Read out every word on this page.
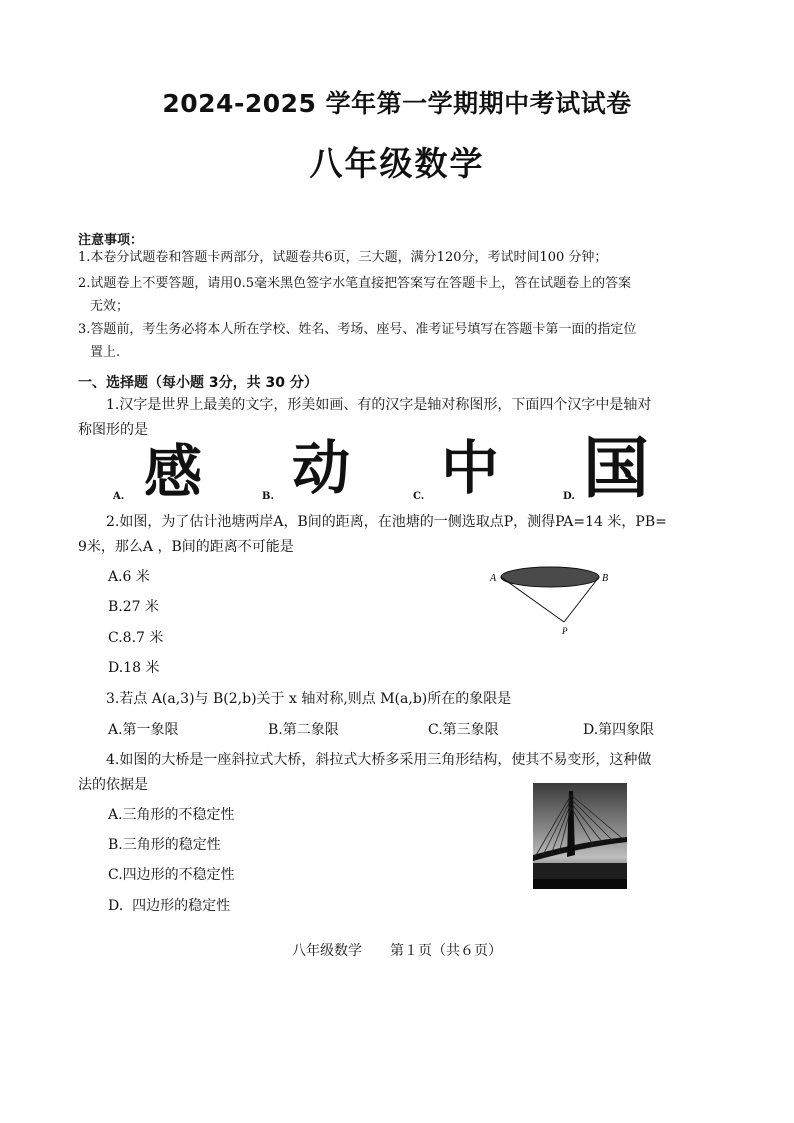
2024-2025 学年第一学期期中考试试卷
八年级数学
注意事项：
1.本卷分试题卷和答题卡两部分，试题卷共6页，三大题，满分120分，考试时间100 分钟；
2.试题卷上不要答题，请用0.5毫米黑色签字水笔直接把答案写在答题卡上，答在试题卷上的答案
无效；
3.答题前，考生务必将本人所在学校、姓名、考场、座号、准考证号填写在答题卡第一面的指定位
置上.
一、选择题（每小题 3分，共 30 分）
1.汉字是世界上最美的文字，形美如画、有的汉字是轴对称图形，下面四个汉字中是轴对
称图形的是
A. 感	B. 动	C. 中	D. 国
2.如图，为了估计池塘两岸A，B间的距离，在池塘的一侧选取点P，测得PA=14 米，PB=
9米，那么A ，B间的距离不可能是
A.6 米
B.27 米
C.8.7 米
D.18 米
A	B
P
3.若点 A(a,3)与 B(2,b)关于 x 轴对称,则点 M(a,b)所在的象限是
A.第一象限	B.第二象限	C.第三象限	D.第四象限
4.如图的大桥是一座斜拉式大桥，斜拉式大桥多采用三角形结构，使其不易变形，这种做
法的依据是
A.三角形的不稳定性
B.三角形的稳定性
C.四边形的不稳定性
D.  四边形的稳定性
八年级数学　　第１页（共６页）
